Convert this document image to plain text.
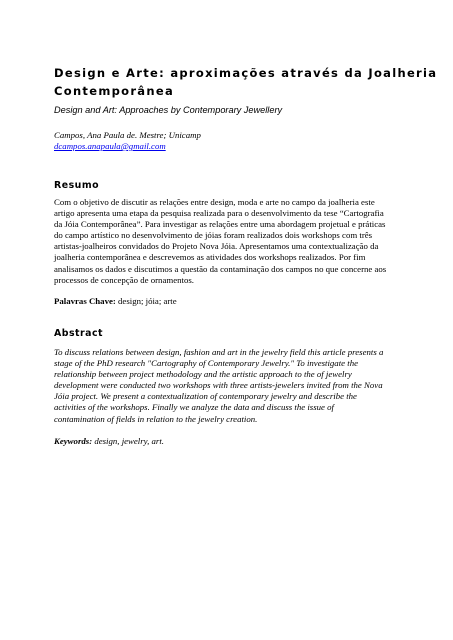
Design e Arte: aproximações através da Joalheria
Contemporânea

Design and Art: Approaches by Contemporary Jewellery

Campos, Ana Paula de. Mestre; Unicamp
dcampos.anapaula@gmail.com
Resumo
Com o objetivo de discutir as relações entre design, moda e arte no campo da joalheria este
artigo apresenta uma etapa da pesquisa realizada para o desenvolvimento da tese “Cartografia
da Jóia Contemporânea”. Para investigar as relações entre uma abordagem projetual e práticas
do campo artístico no desenvolvimento de jóias foram realizados dois workshops com três
artistas-joalheiros convidados do Projeto Nova Jóia. Apresentamos uma contextualização da
joalheria contemporânea e descrevemos as atividades dos workshops realizados. Por fim
analisamos os dados e discutimos a questão da contaminação dos campos no que concerne aos
processos de concepção de ornamentos.

Palavras Chave: design; jóia; arte

Abstract
To discuss relations between design, fashion and art in the jewelry field this article presents a
stage of the PhD research "Cartography of Contemporary Jewelry." To investigate the
relationship between project methodology and the artistic approach to the of jewelry
development were conducted two workshops with three artists-jewelers invited from the Nova
Jóia project. We present a contextualization of contemporary jewelry and describe the
activities of the workshops. Finally we analyze the data and discuss the issue of
contamination of fields in relation to the jewelry creation.

Keywords: design, jewelry, art.
